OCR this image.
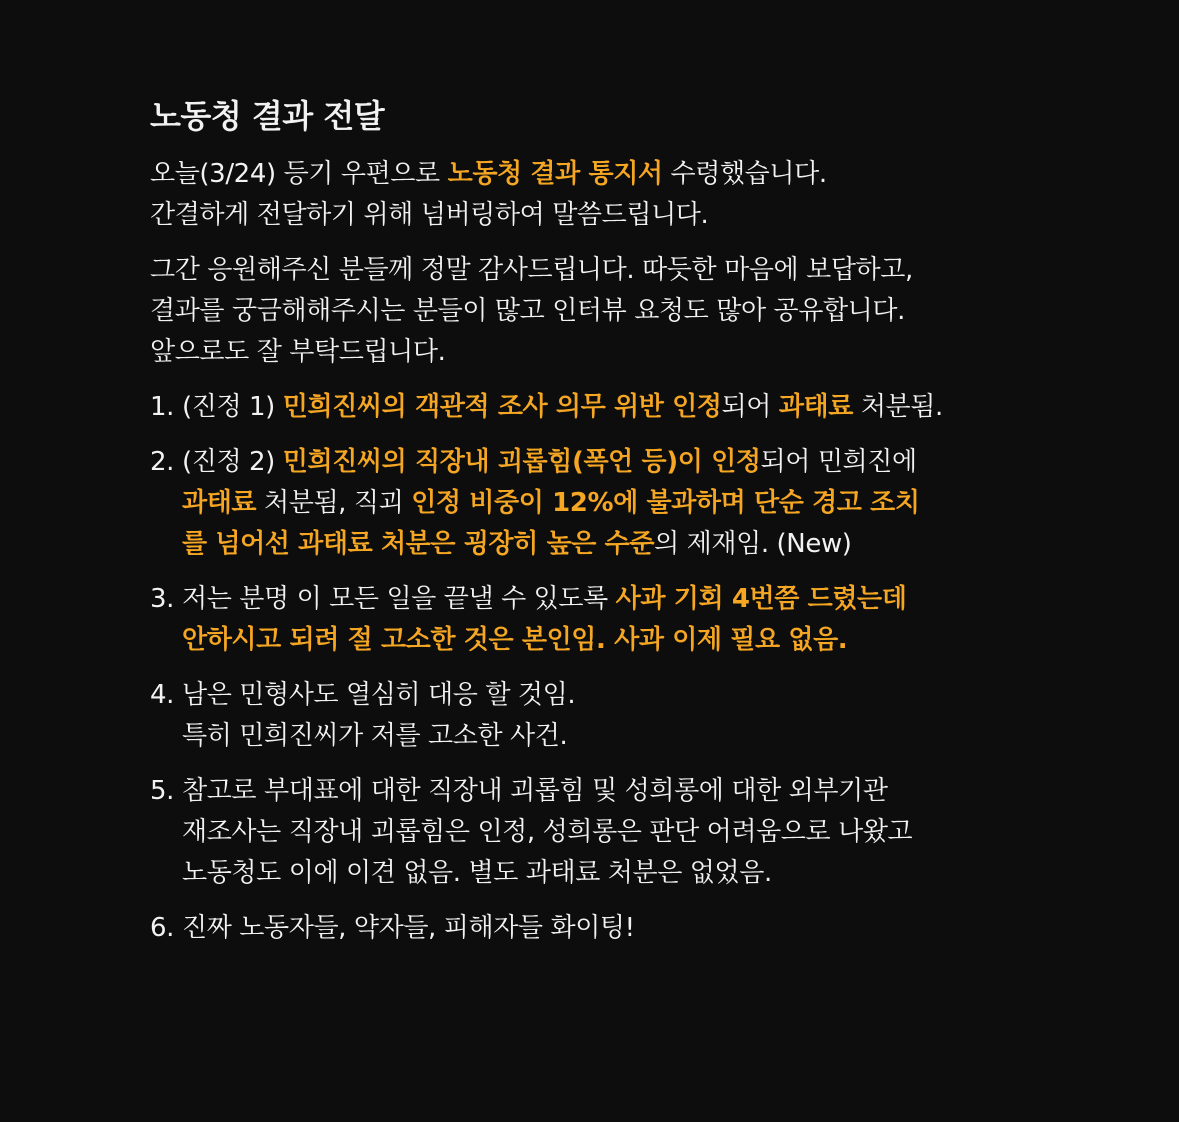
노동청 결과 전달
오늘(3/24) 등기 우편으로 노동청 결과 통지서 수령했습니다.
간결하게 전달하기 위해 넘버링하여 말씀드립니다.
그간 응원해주신 분들께 정말 감사드립니다. 따듯한 마음에 보답하고,
결과를 궁금해해주시는 분들이 많고 인터뷰 요청도 많아 공유합니다.
앞으로도 잘 부탁드립니다.
1. (진정 1) 민희진씨의 객관적 조사 의무 위반 인정되어 과태료 처분됨.
2. (진정 2) 민희진씨의 직장내 괴롭힘(폭언 등)이 인정되어 민희진에
과태료 처분됨, 직괴 인정 비중이 12%에 불과하며 단순 경고 조치
를 넘어선 과태료 처분은 굉장히 높은 수준의 제재임. (New)
3. 저는 분명 이 모든 일을 끝낼 수 있도록 사과 기회 4번쯤 드렸는데
안하시고 되려 절 고소한 것은 본인임. 사과 이제 필요 없음.
4. 남은 민형사도 열심히 대응 할 것임.
특히 민희진씨가 저를 고소한 사건.
5. 참고로 부대표에 대한 직장내 괴롭힘 및 성희롱에 대한 외부기관
재조사는 직장내 괴롭힘은 인정, 성희롱은 판단 어려움으로 나왔고
노동청도 이에 이견 없음. 별도 과태료 처분은 없었음.
6. 진짜 노동자들, 약자들, 피해자들 화이팅!
